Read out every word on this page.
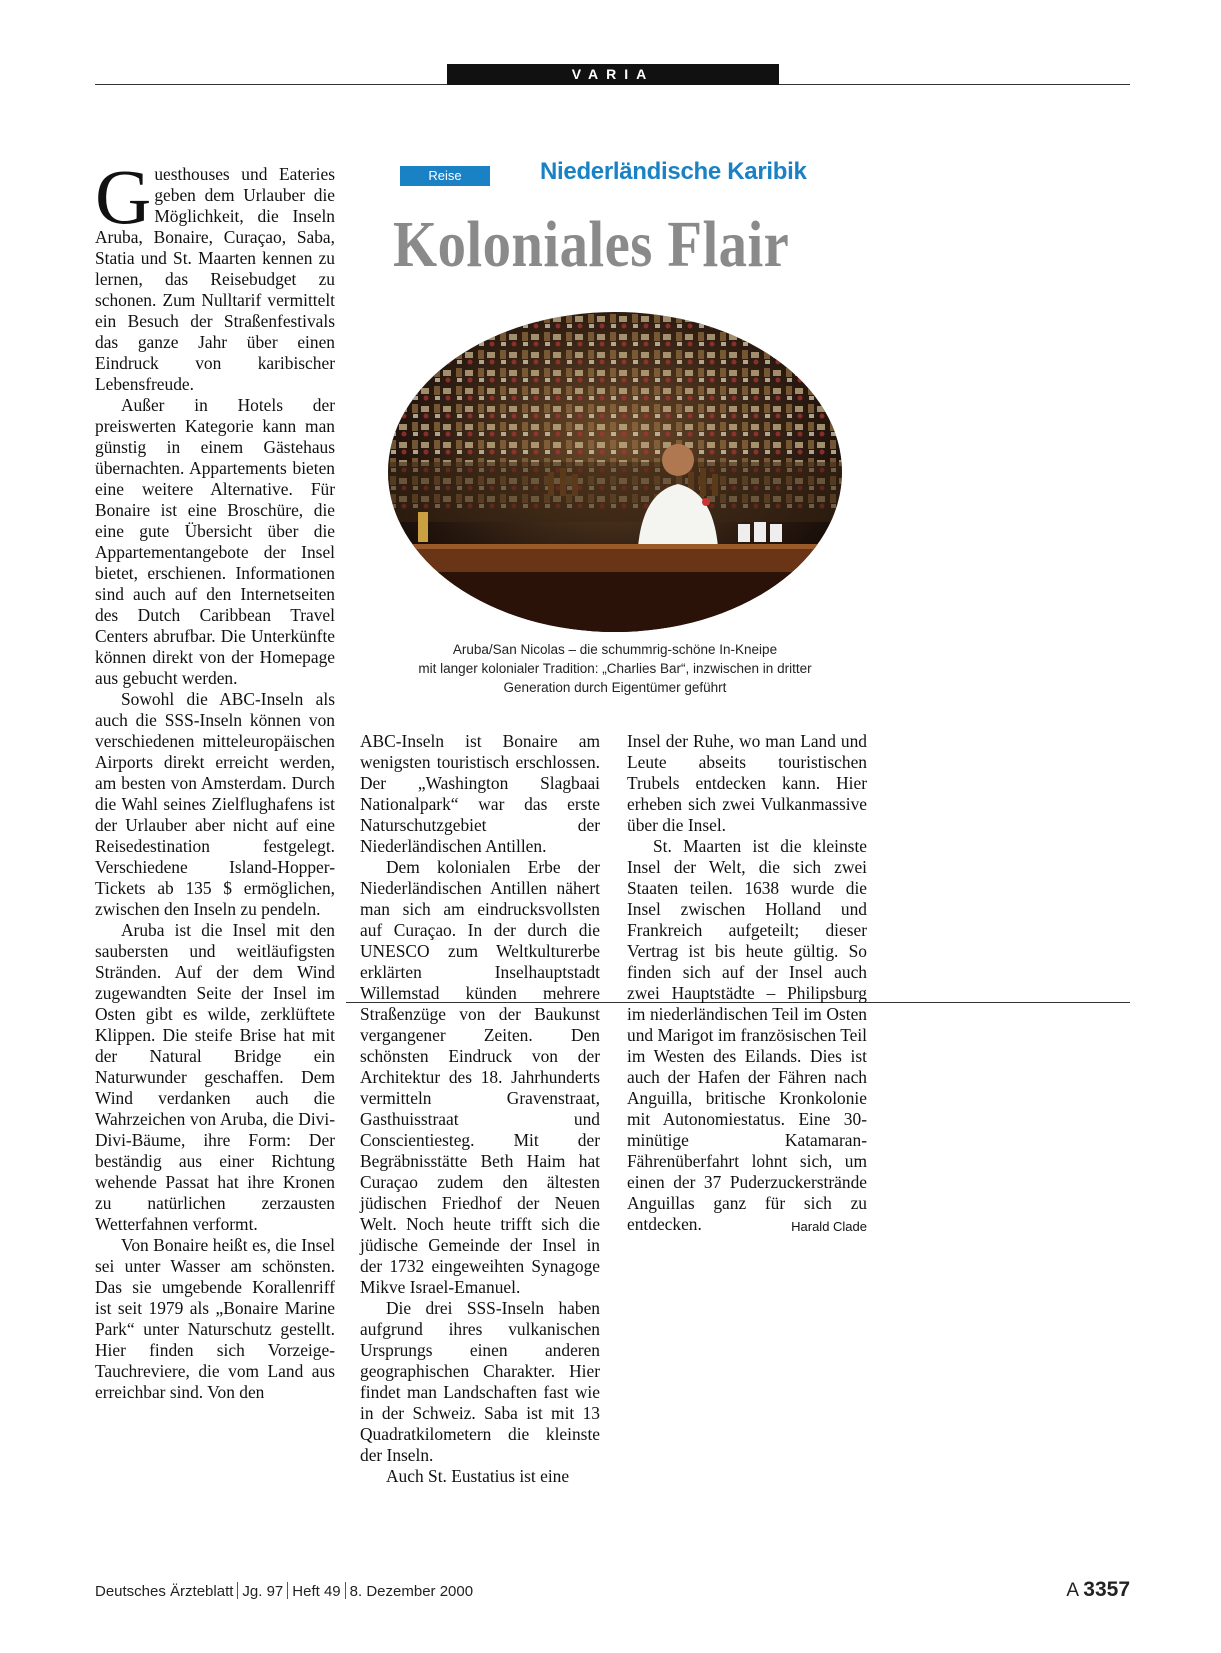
VARIA

Guesthouses und Eateries geben dem Urlauber die Möglichkeit, die Inseln Aruba, Bonaire, Curaçao, Saba, Statia und St. Maarten kennen zu lernen, das Reisebudget zu schonen. Zum Nulltarif vermittelt ein Besuch der Straßenfestivals das ganze Jahr über einen Eindruck von karibischer Lebensfreude.

Außer in Hotels der preiswerten Kategorie kann man günstig in einem Gästehaus übernachten. Appartements bieten eine weitere Alternative. Für Bonaire ist eine Broschüre, die eine gute Übersicht über die Appartementangebote der Insel bietet, erschienen. Informationen sind auch auf den Internetseiten des Dutch Caribbean Travel Centers abrufbar. Die Unterkünfte können direkt von der Homepage aus gebucht werden.

Sowohl die ABC-Inseln als auch die SSS-Inseln können von verschiedenen mitteleuropäischen Airports direkt erreicht werden, am besten von Amsterdam. Durch die Wahl seines Zielflughafens ist der Urlauber aber nicht auf eine Reisedestination festgelegt. Verschiedene Island-Hopper-Tickets ab 135 $ ermöglichen, zwischen den Inseln zu pendeln.

Aruba ist die Insel mit den saubersten und weitläufigsten Stränden. Auf der dem Wind zugewandten Seite der Insel im Osten gibt es wilde, zerklüftete Klippen. Die steife Brise hat mit der Natural Bridge ein Naturwunder geschaffen. Dem Wind verdanken auch die Wahrzeichen von Aruba, die Divi-Divi-Bäume, ihre Form: Der beständig aus einer Richtung wehende Passat hat ihre Kronen zu natürlichen zerzausten Wetterfahnen verformt.

Von Bonaire heißt es, die Insel sei unter Wasser am schönsten. Das sie umgebende Korallenriff ist seit 1979 als „Bonaire Marine Park“ unter Naturschutz gestellt. Hier finden sich Vorzeige-Tauchreviere, die vom Land aus erreichbar sind. Von den

Reise	Niederländische Karibik
Koloniales Flair
Aruba/San Nicolas – die schummrig-schöne In-Kneipe
mit langer kolonialer Tradition: „Charlies Bar“, inzwischen in dritter
Generation durch Eigentümer geführt

ABC-Inseln ist Bonaire am wenigsten touristisch erschlossen. Der „Washington Slagbaai Nationalpark“ war das erste Naturschutzgebiet der Niederländischen Antillen.

Dem kolonialen Erbe der Niederländischen Antillen nähert man sich am eindrucksvollsten auf Curaçao. In der durch die UNESCO zum Weltkulturerbe erklärten Inselhauptstadt Willemstad künden mehrere Straßenzüge von der Baukunst vergangener Zeiten. Den schönsten Eindruck von der Architektur des 18. Jahrhunderts vermitteln Gravenstraat, Gasthuisstraat und Conscientiesteg. Mit der Begräbnisstätte Beth Haim hat Curaçao zudem den ältesten jüdischen Friedhof der Neuen Welt. Noch heute trifft sich die jüdische Gemeinde der Insel in der 1732 eingeweihten Synagoge Mikve Israel-Emanuel.

Die drei SSS-Inseln haben aufgrund ihres vulkanischen Ursprungs einen anderen geographischen Charakter. Hier findet man Landschaften fast wie in der Schweiz. Saba ist mit 13 Quadratkilometern die kleinste der Inseln.

Auch St. Eustatius ist eine

Insel der Ruhe, wo man Land und Leute abseits touristischen Trubels entdecken kann. Hier erheben sich zwei Vulkanmassive über die Insel.

St. Maarten ist die kleinste Insel der Welt, die sich zwei Staaten teilen. 1638 wurde die Insel zwischen Holland und Frankreich aufgeteilt; dieser Vertrag ist bis heute gültig. So finden sich auf der Insel auch zwei Hauptstädte – Philipsburg im niederländischen Teil im Osten und Marigot im französischen Teil im Westen des Eilands. Dies ist auch der Hafen der Fähren nach Anguilla, britische Kronkolonie mit Autonomiestatus. Eine 30-minütige Katamaran-Fährenüberfahrt lohnt sich, um einen der 37 Puderzuckerstrände Anguillas ganz für sich zu entdecken.	Harald Clade

Deutsches Ärzteblatt Jg. 97 Heft 49 8. Dezember 2000	A 3357
